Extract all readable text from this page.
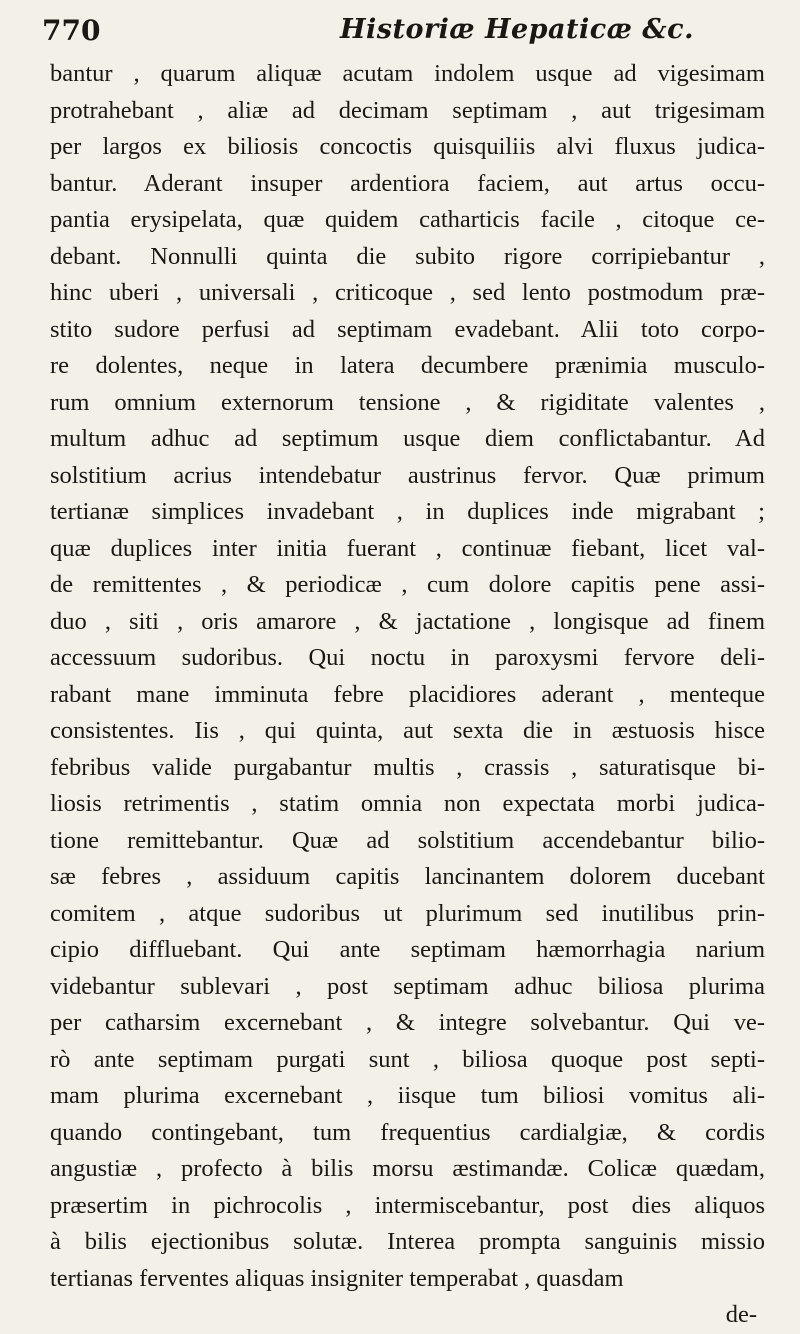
770	Historiæ Hepaticæ &c.
bantur , quarum aliquæ acutam indolem usque ad vigesimam
protrahebant , aliæ ad decimam septimam , aut trigesimam
per largos ex biliosis concoctis quisquiliis alvi fluxus judica-
bantur. Aderant insuper ardentiora faciem, aut artus occu-
pantia erysipelata, quæ quidem catharticis facile , citoque ce-
debant. Nonnulli quinta die subito rigore corripiebantur ,
hinc uberi , universali , criticoque , sed lento postmodum præ-
stito sudore perfusi ad septimam evadebant. Alii toto corpo-
re dolentes, neque in latera decumbere prænimia musculo-
rum omnium externorum tensione , & rigiditate valentes ,
multum adhuc ad septimum usque diem conflictabantur. Ad
solstitium acrius intendebatur austrinus fervor. Quæ primum
tertianæ simplices invadebant , in duplices inde migrabant ;
quæ duplices inter initia fuerant , continuæ fiebant, licet val-
de remittentes , & periodicæ , cum dolore capitis pene assi-
duo , siti , oris amarore , & jactatione , longisque ad finem
accessuum sudoribus. Qui noctu in paroxysmi fervore deli-
rabant mane imminuta febre placidiores aderant , menteque
consistentes. Iis , qui quinta, aut sexta die in æstuosis hisce
febribus valide purgabantur multis , crassis , saturatisque bi-
liosis retrimentis , statim omnia non expectata morbi judica-
tione remittebantur. Quæ ad solstitium accendebantur bilio-
sæ febres , assiduum capitis lancinantem dolorem ducebant
comitem , atque sudoribus ut plurimum sed inutilibus prin-
cipio diffluebant. Qui ante septimam hæmorrhagia narium
videbantur sublevari , post septimam adhuc biliosa plurima
per catharsim excernebant , & integre solvebantur. Qui ve-
rò ante septimam purgati sunt , biliosa quoque post septi-
mam plurima excernebant , iisque tum biliosi vomitus ali-
quando contingebant, tum frequentius cardialgiæ, & cordis
angustiæ , profecto à bilis morsu æstimandæ. Colicæ quædam,
præsertim in pichrocolis , intermiscebantur, post dies aliquos
à bilis ejectionibus solutæ. Interea prompta sanguinis missio
tertianas ferventes aliquas insigniter temperabat , quasdam
de-
